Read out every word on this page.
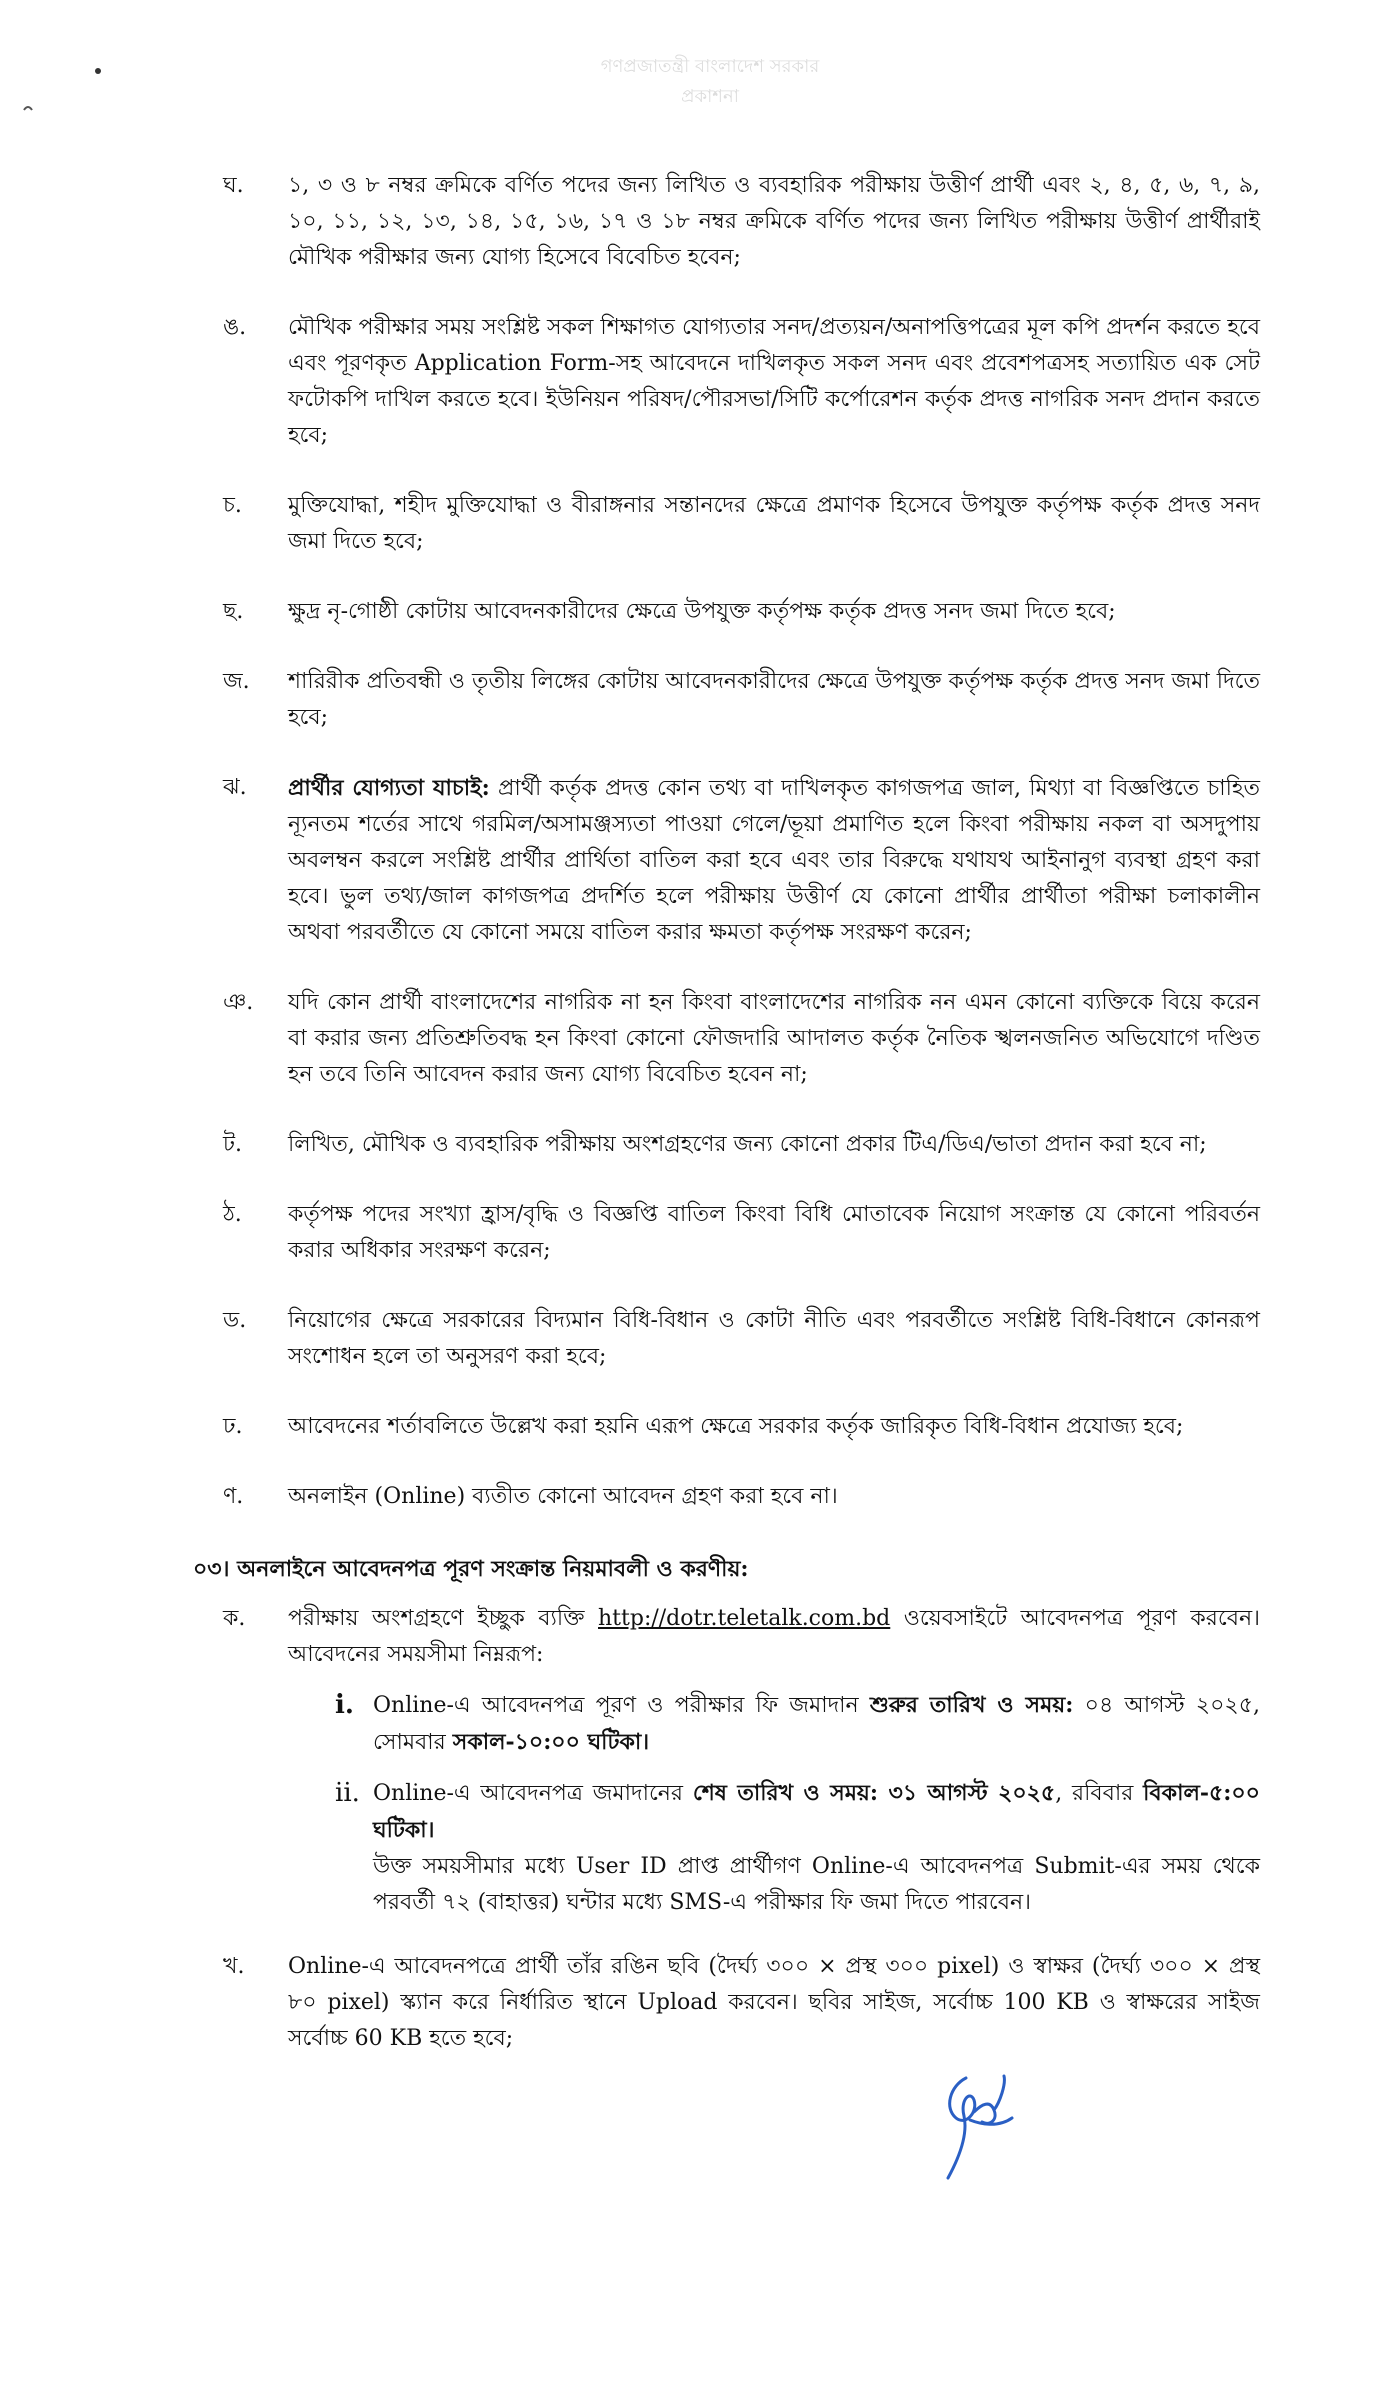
গণপ্রজাতন্ত্রী বাংলাদেশ সরকার
প্রকাশনা
ঘ.	১, ৩ ও ৮ নম্বর ক্রমিকে বর্ণিত পদের জন্য লিখিত ও ব্যবহারিক পরীক্ষায় উত্তীর্ণ প্রার্থী এবং ২, ৪, ৫, ৬, ৭, ৯, ১০, ১১, ১২, ১৩, ১৪, ১৫, ১৬, ১৭ ও ১৮ নম্বর ক্রমিকে বর্ণিত পদের জন্য লিখিত পরীক্ষায় উত্তীর্ণ প্রার্থীরাই মৌখিক পরীক্ষার জন্য যোগ্য হিসেবে বিবেচিত হবেন;
ঙ.	মৌখিক পরীক্ষার সময় সংশ্লিষ্ট সকল শিক্ষাগত যোগ্যতার সনদ/প্রত্যয়ন/অনাপত্তিপত্রের মূল কপি প্রদর্শন করতে হবে এবং পূরণকৃত Application Form-সহ আবেদনে দাখিলকৃত সকল সনদ এবং প্রবেশপত্রসহ সত্যায়িত এক সেট ফটোকপি দাখিল করতে হবে। ইউনিয়ন পরিষদ/পৌরসভা/সিটি কর্পোরেশন কর্তৃক প্রদত্ত নাগরিক সনদ প্রদান করতে হবে;
চ.	মুক্তিযোদ্ধা, শহীদ মুক্তিযোদ্ধা ও বীরাঙ্গনার সন্তানদের ক্ষেত্রে প্রমাণক হিসেবে উপযুক্ত কর্তৃপক্ষ কর্তৃক প্রদত্ত সনদ জমা দিতে হবে;
ছ.	ক্ষুদ্র নৃ-গোষ্ঠী কোটায় আবেদনকারীদের ক্ষেত্রে উপযুক্ত কর্তৃপক্ষ কর্তৃক প্রদত্ত সনদ জমা দিতে হবে;
জ.	শারিরীক প্রতিবন্ধী ও তৃতীয় লিঙ্গের কোটায় আবেদনকারীদের ক্ষেত্রে উপযুক্ত কর্তৃপক্ষ কর্তৃক প্রদত্ত সনদ জমা দিতে হবে;
ঝ.	প্রার্থীর যোগ্যতা যাচাই: প্রার্থী কর্তৃক প্রদত্ত কোন তথ্য বা দাখিলকৃত কাগজপত্র জাল, মিথ্যা বা বিজ্ঞপ্তিতে চাহিত ন্যূনতম শর্তের সাথে গরমিল/অসামঞ্জস্যতা পাওয়া গেলে/ভূয়া প্রমাণিত হলে কিংবা পরীক্ষায় নকল বা অসদুপায় অবলম্বন করলে সংশ্লিষ্ট প্রার্থীর প্রার্থিতা বাতিল করা হবে এবং তার বিরুদ্ধে যথাযথ আইনানুগ ব্যবস্থা গ্রহণ করা হবে। ভুল তথ্য/জাল কাগজপত্র প্রদর্শিত হলে পরীক্ষায় উত্তীর্ণ যে কোনো প্রার্থীর প্রার্থীতা পরীক্ষা চলাকালীন অথবা পরবর্তীতে যে কোনো সময়ে বাতিল করার ক্ষমতা কর্তৃপক্ষ সংরক্ষণ করেন;
ঞ.	যদি কোন প্রার্থী বাংলাদেশের নাগরিক না হন কিংবা বাংলাদেশের নাগরিক নন এমন কোনো ব্যক্তিকে বিয়ে করেন বা করার জন্য প্রতিশ্রুতিবদ্ধ হন কিংবা কোনো ফৌজদারি আদালত কর্তৃক নৈতিক স্খলনজনিত অভিযোগে দণ্ডিত হন তবে তিনি আবেদন করার জন্য যোগ্য বিবেচিত হবেন না;
ট.	লিখিত, মৌখিক ও ব্যবহারিক পরীক্ষায় অংশগ্রহণের জন্য কোনো প্রকার টিএ/ডিএ/ভাতা প্রদান করা হবে না;
ঠ.	কর্তৃপক্ষ পদের সংখ্যা হ্রাস/বৃদ্ধি ও বিজ্ঞপ্তি বাতিল কিংবা বিধি মোতাবেক নিয়োগ সংক্রান্ত যে কোনো পরিবর্তন করার অধিকার সংরক্ষণ করেন;
ড.	নিয়োগের ক্ষেত্রে সরকারের বিদ্যমান বিধি-বিধান ও কোটা নীতি এবং পরবর্তীতে সংশ্লিষ্ট বিধি-বিধানে কোনরূপ সংশোধন হলে তা অনুসরণ করা হবে;
ঢ.	আবেদনের শর্তাবলিতে উল্লেখ করা হয়নি এরূপ ক্ষেত্রে সরকার কর্তৃক জারিকৃত বিধি-বিধান প্রযোজ্য হবে;
ণ.	অনলাইন (Online) ব্যতীত কোনো আবেদন গ্রহণ করা হবে না।
০৩। অনলাইনে আবেদনপত্র পূরণ সংক্রান্ত নিয়মাবলী ও করণীয়:
ক.	পরীক্ষায় অংশগ্রহণে ইচ্ছুক ব্যক্তি http://dotr.teletalk.com.bd ওয়েবসাইটে আবেদনপত্র পূরণ করবেন। আবেদনের সময়সীমা নিম্নরূপ:
i. Online-এ আবেদনপত্র পূরণ ও পরীক্ষার ফি জমাদান শুরুর তারিখ ও সময়: ০৪ আগস্ট ২০২৫, সোমবার সকাল-১০:০০ ঘটিকা।
ii. Online-এ আবেদনপত্র জমাদানের শেষ তারিখ ও সময়: ৩১ আগস্ট ২০২৫, রবিবার বিকাল-৫:০০ ঘটিকা।
উক্ত সময়সীমার মধ্যে User ID প্রাপ্ত প্রার্থীগণ Online-এ আবেদনপত্র Submit-এর সময় থেকে পরবর্তী ৭২ (বাহাত্তর) ঘন্টার মধ্যে SMS-এ পরীক্ষার ফি জমা দিতে পারবেন।
খ.	Online-এ আবেদনপত্রে প্রার্থী তাঁর রঙিন ছবি (দৈর্ঘ্য ৩০০ × প্রস্থ ৩০০ pixel) ও স্বাক্ষর (দৈর্ঘ্য ৩০০ × প্রস্থ ৮০ pixel) স্ক্যান করে নির্ধারিত স্থানে Upload করবেন। ছবির সাইজ, সর্বোচ্চ 100 KB ও স্বাক্ষরের সাইজ সর্বোচ্চ 60 KB হতে হবে;
